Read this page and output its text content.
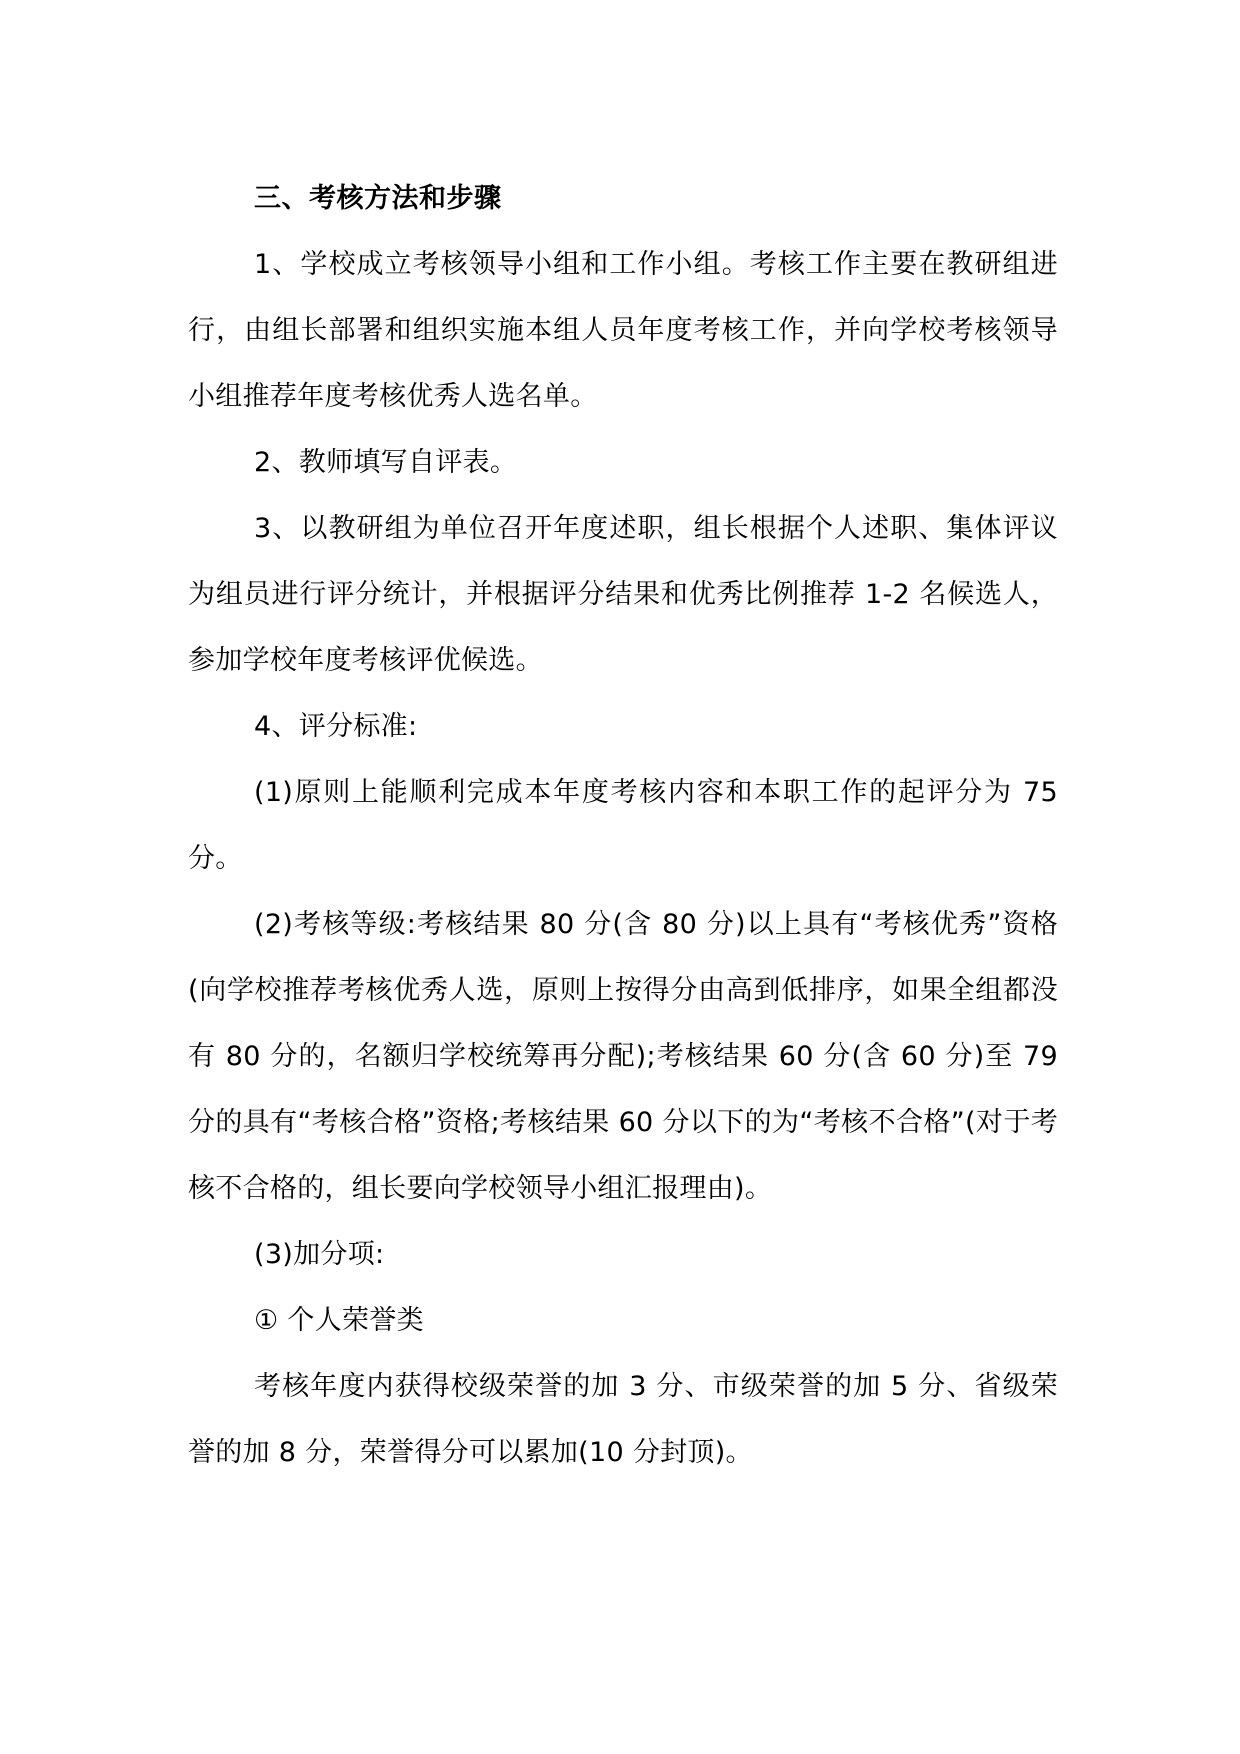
三、考核方法和步骤

1、学校成立考核领导小组和工作小组。考核工作主要在教研组进行，由组长部署和组织实施本组人员年度考核工作，并向学校考核领导小组推荐年度考核优秀人选名单。

2、教师填写自评表。

3、以教研组为单位召开年度述职，组长根据个人述职、集体评议为组员进行评分统计，并根据评分结果和优秀比例推荐 1-2 名候选人，参加学校年度考核评优候选。

4、评分标准:

(1)原则上能顺利完成本年度考核内容和本职工作的起评分为 75 分。

(2)考核等级:考核结果 80 分(含 80 分)以上具有“考核优秀”资格(向学校推荐考核优秀人选，原则上按得分由高到低排序，如果全组都没有 80 分的，名额归学校统筹再分配);考核结果 60 分(含 60 分)至 79 分的具有“考核合格”资格;考核结果 60 分以下的为“考核不合格”(对于考核不合格的，组长要向学校领导小组汇报理由)。

(3)加分项:

① 个人荣誉类

考核年度内获得校级荣誉的加 3 分、市级荣誉的加 5 分、省级荣誉的加 8 分，荣誉得分可以累加(10 分封顶)。
